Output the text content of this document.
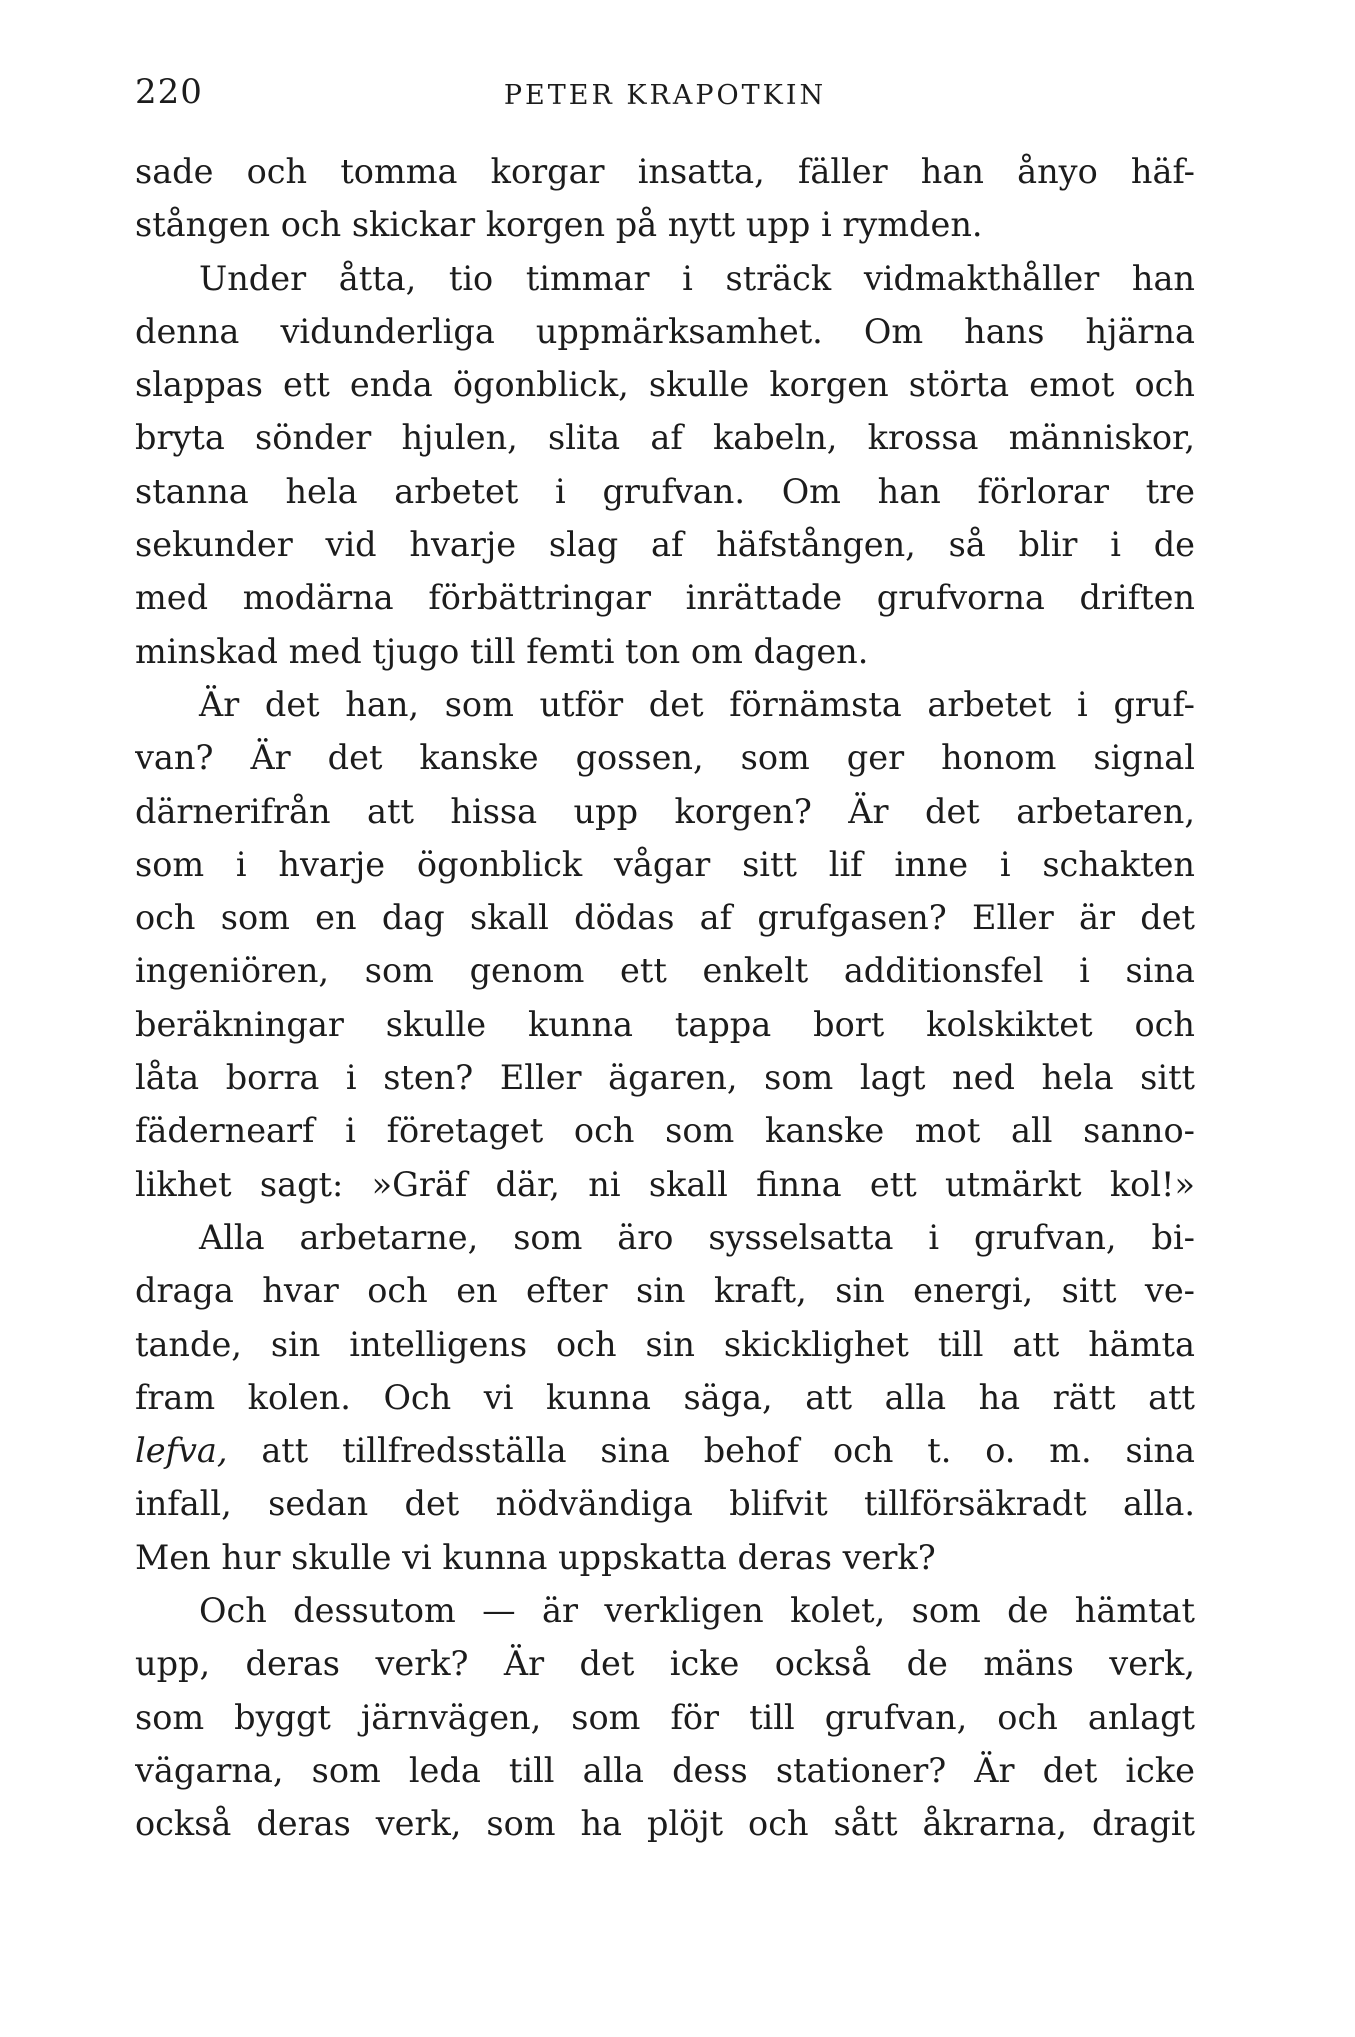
220	PETER KRAPOTKIN
sade och tomma korgar insatta, fäller han ånyo häf-
stången och skickar korgen på nytt upp i rymden.
Under åtta, tio timmar i sträck vidmakthåller han
denna vidunderliga uppmärksamhet. Om hans hjärna
slappas ett enda ögonblick, skulle korgen störta emot och
bryta sönder hjulen, slita af kabeln, krossa människor,
stanna hela arbetet i grufvan. Om han förlorar tre
sekunder vid hvarje slag af häfstången, så blir i de
med modärna förbättringar inrättade grufvorna driften
minskad med tjugo till femti ton om dagen.
Är det han, som utför det förnämsta arbetet i gruf-
van? Är det kanske gossen, som ger honom signal
därnerifrån att hissa upp korgen? Är det arbetaren,
som i hvarje ögonblick vågar sitt lif inne i schakten
och som en dag skall dödas af grufgasen? Eller är det
ingeniören, som genom ett enkelt additionsfel i sina
beräkningar skulle kunna tappa bort kolskiktet och
låta borra i sten? Eller ägaren, som lagt ned hela sitt
fädernearf i företaget och som kanske mot all sanno-
likhet sagt: »Gräf där, ni skall finna ett utmärkt kol!»
Alla arbetarne, som äro sysselsatta i grufvan, bi-
draga hvar och en efter sin kraft, sin energi, sitt ve-
tande, sin intelligens och sin skicklighet till att hämta
fram kolen. Och vi kunna säga, att alla ha rätt att
lefva, att tillfredsställa sina behof och t. o. m. sina
infall, sedan det nödvändiga blifvit tillförsäkradt alla.
Men hur skulle vi kunna uppskatta deras verk?
Och dessutom — är verkligen kolet, som de hämtat
upp, deras verk? Är det icke också de mäns verk,
som byggt järnvägen, som för till grufvan, och anlagt
vägarna, som leda till alla dess stationer? Är det icke
också deras verk, som ha plöjt och sått åkrarna, dragit
